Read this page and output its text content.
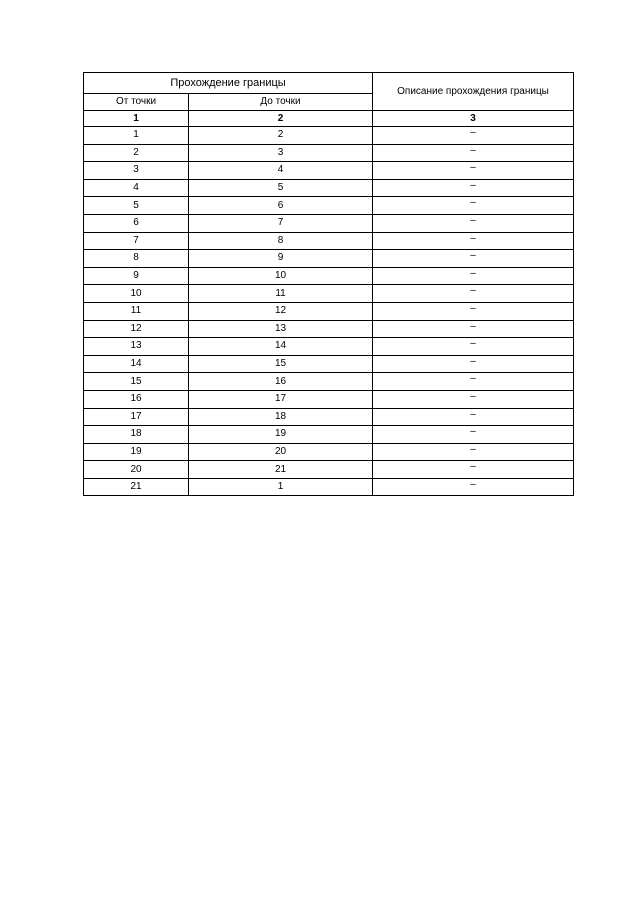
Прохождение границы		Описание прохождения границы
От точки	До точки	
1	2	3
1	2	–
2	3	–
3	4	–
4	5	–
5	6	–
6	7	–
7	8	–
8	9	–
9	10	–
10	11	–
11	12	–
12	13	–
13	14	–
14	15	–
15	16	–
16	17	–
17	18	–
18	19	–
19	20	–
20	21	–
21	1	–
